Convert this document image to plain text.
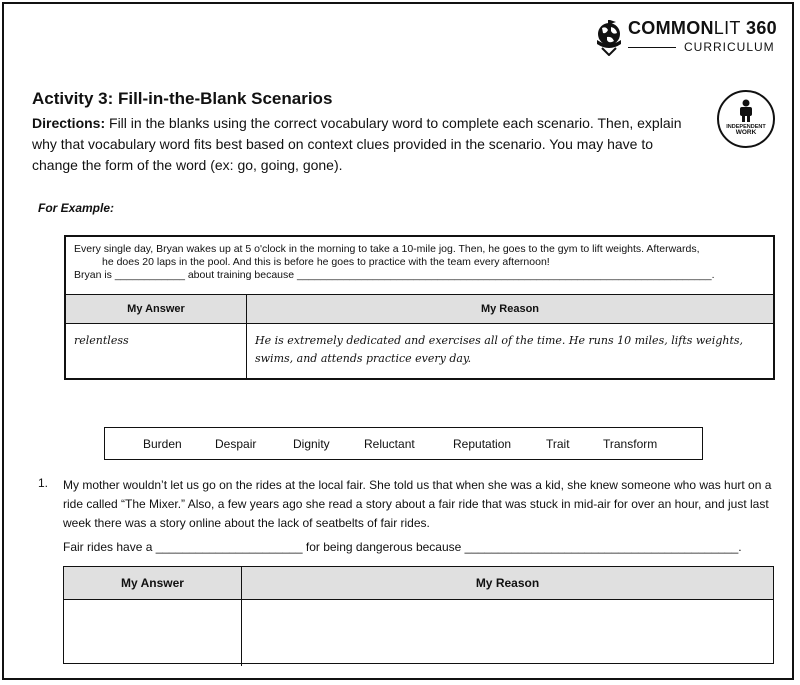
COMMONLIT 360
CURRICULUM
Activity 3: Fill-in-the-Blank Scenarios
Directions: Fill in the blanks using the correct vocabulary word to complete each scenario. Then, explain why that vocabulary word fits best based on context clues provided in the scenario. You may have to change the form of the word (ex: go, going, gone).
INDEPENDENT
WORK
For Example:
Every single day, Bryan wakes up at 5 o'clock in the morning to take a 10-mile jog. Then, he goes to the gym to lift weights. Afterwards,
he does 20 laps in the pool. And this is before he goes to practice with the team every afternoon!
Bryan is ____________ about training because _______________________________________________________________________.
My Answer	My Reason
relentless	He is extremely dedicated and exercises all of the time. He runs 10 miles, lifts weights, swims, and attends practice every day.
Burden	Despair	Dignity	Reluctant	Reputation	Trait	Transform
1. My mother wouldn’t let us go on the rides at the local fair. She told us that when she was a kid, she knew someone who was hurt on a ride called “The Mixer.” Also, a few years ago she read a story about a fair ride that was stuck in mid-air for over an hour, and just last week there was a story online about the lack of seatbelts of fair rides.
Fair rides have a ______________________ for being dangerous because _________________________________________.
My Answer	My Reason
